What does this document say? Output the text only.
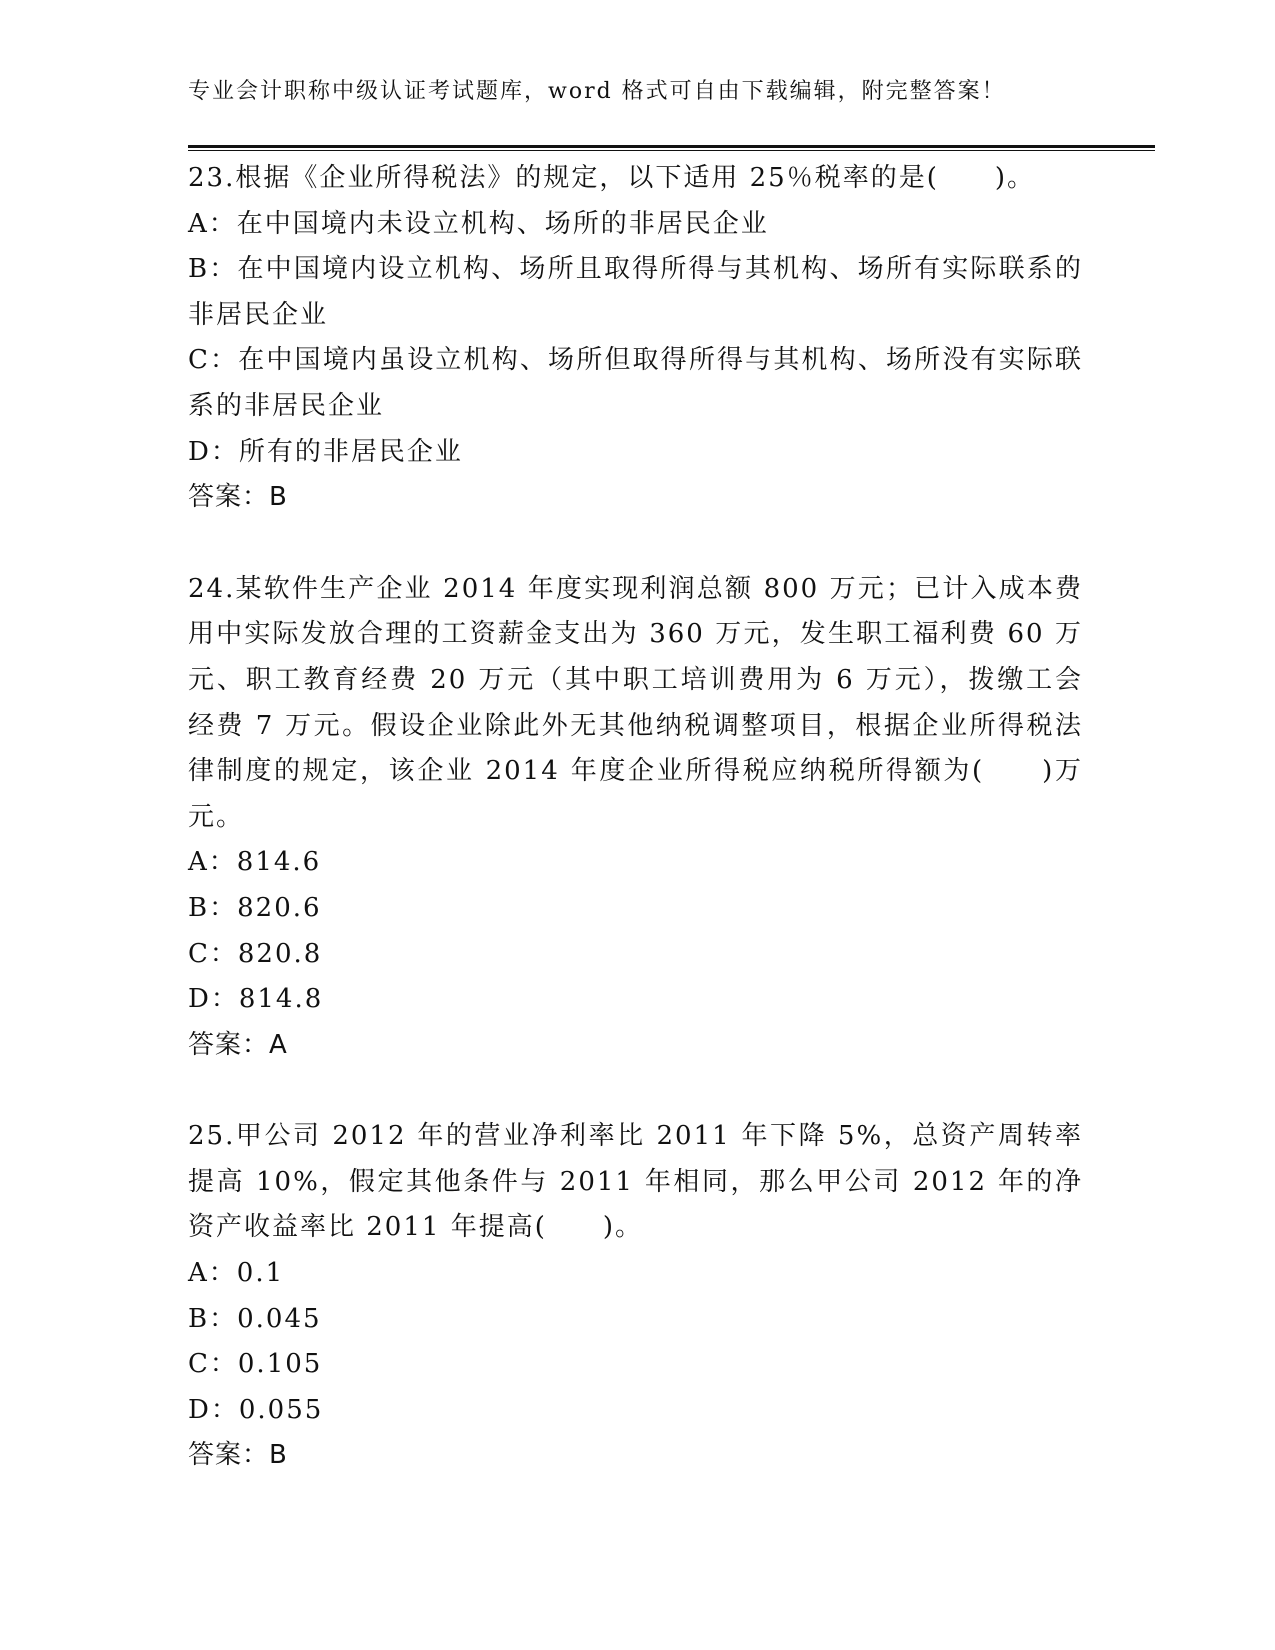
专业会计职称中级认证考试题库，word 格式可自由下载编辑，附完整答案！

23.根据《企业所得税法》的规定，以下适用 25％税率的是(　　)。

A：在中国境内未设立机构、场所的非居民企业

B：在中国境内设立机构、场所且取得所得与其机构、场所有实际联系的非居民企业

C：在中国境内虽设立机构、场所但取得所得与其机构、场所没有实际联系的非居民企业

D：所有的非居民企业

答案：B

24.某软件生产企业 2014 年度实现利润总额 800 万元；已计入成本费用中实际发放合理的工资薪金支出为 360 万元，发生职工福利费 60 万元、职工教育经费 20 万元（其中职工培训费用为 6 万元），拨缴工会经费 7 万元。假设企业除此外无其他纳税调整项目，根据企业所得税法律制度的规定，该企业 2014 年度企业所得税应纳税所得额为(　　)万元。

A：814.6

B：820.6

C：820.8

D：814.8

答案：A

25.甲公司 2012 年的营业净利率比 2011 年下降 5%，总资产周转率提高 10%，假定其他条件与 2011 年相同，那么甲公司 2012 年的净资产收益率比 2011 年提高(　　)。

A：0.1

B：0.045

C：0.105

D：0.055

答案：B
